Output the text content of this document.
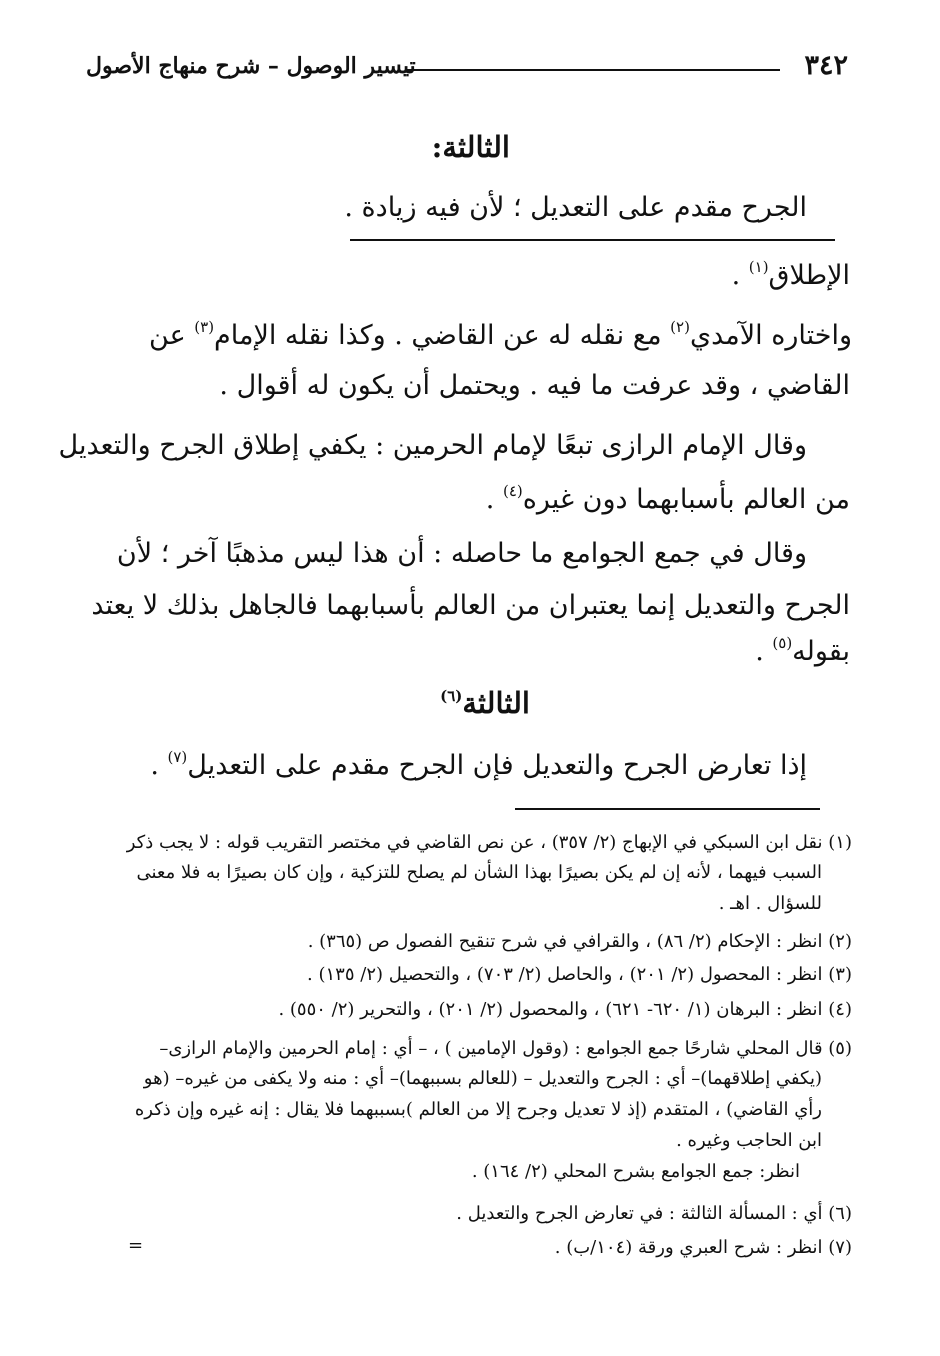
٣٤٢
تيسير الوصول – شرح منهاج الأصول
الثالثة:
الجرح مقدم على التعديل ؛ لأن فيه زيادة .
الإطلاق$^{(١)}$ .
واختاره الآمدي$^{(٢)}$ مع نقله له عن القاضي . وكذا نقله الإمام$^{(٣)}$ عن
القاضي ، وقد عرفت ما فيه . ويحتمل أن يكون له أقوال .
وقال الإمام الرازى تبعًا لإمام الحرمين : يكفي إطلاق الجرح والتعديل
من العالم بأسبابهما دون غيره$^{(٤)}$ .
وقال في جمع الجوامع ما حاصله : أن هذا ليس مذهبًا آخر ؛ لأن
الجرح والتعديل إنما يعتبران من العالم بأسبابهما فالجاهل بذلك لا يعتد
بقوله$^{(٥)}$ .
الثالثة$^{(٦)}$
إذا تعارض الجرح والتعديل فإن الجرح مقدم على التعديل$^{(٧)}$ .
(١) نقل ابن السبكي في الإبهاج (٢/ ٣٥٧) ، عن نص القاضي في مختصر التقريب قوله : لا يجب ذكر
السبب فيهما ، لأنه إن لم يكن بصيرًا بهذا الشأن لم يصلح للتزكية ، وإن كان بصيرًا به فلا معنى
للسؤال . اهـ .
(٢) انظر : الإحكام (٢/ ٨٦) ، والقرافي في شرح تنقيح الفصول ص (٣٦٥) .
(٣) انظر : المحصول (٢/ ٢٠١) ، والحاصل (٢/ ٧٠٣) ، والتحصيل (٢/ ١٣٥) .
(٤) انظر : البرهان (١/ ٦٢٠- ٦٢١) ، والمحصول (٢/ ٢٠١) ، والتحرير (٢/ ٥٥٠) .
(٥) قال المحلي شارحًا جمع الجوامع : (وقول الإمامين ) ، – أي : إمام الحرمين والإمام الرازى–
(يكفي إطلاقهما)– أي : الجرح والتعديل – (للعالم بسببهما)– أي : منه ولا يكفى من غيره– (هو
رأي القاضي) ، المتقدم (إذ لا تعديل وجرح إلا من العالم )بسببهما فلا يقال : إنه غيره وإن ذكره
ابن الحاجب وغيره .
انظر: جمع الجوامع بشرح المحلي (٢/ ١٦٤) .
(٦) أي : المسألة الثالثة : في تعارض الجرح والتعديل .
(٧) انظر : شرح العبري ورقة (١٠٤/ب) .
=
